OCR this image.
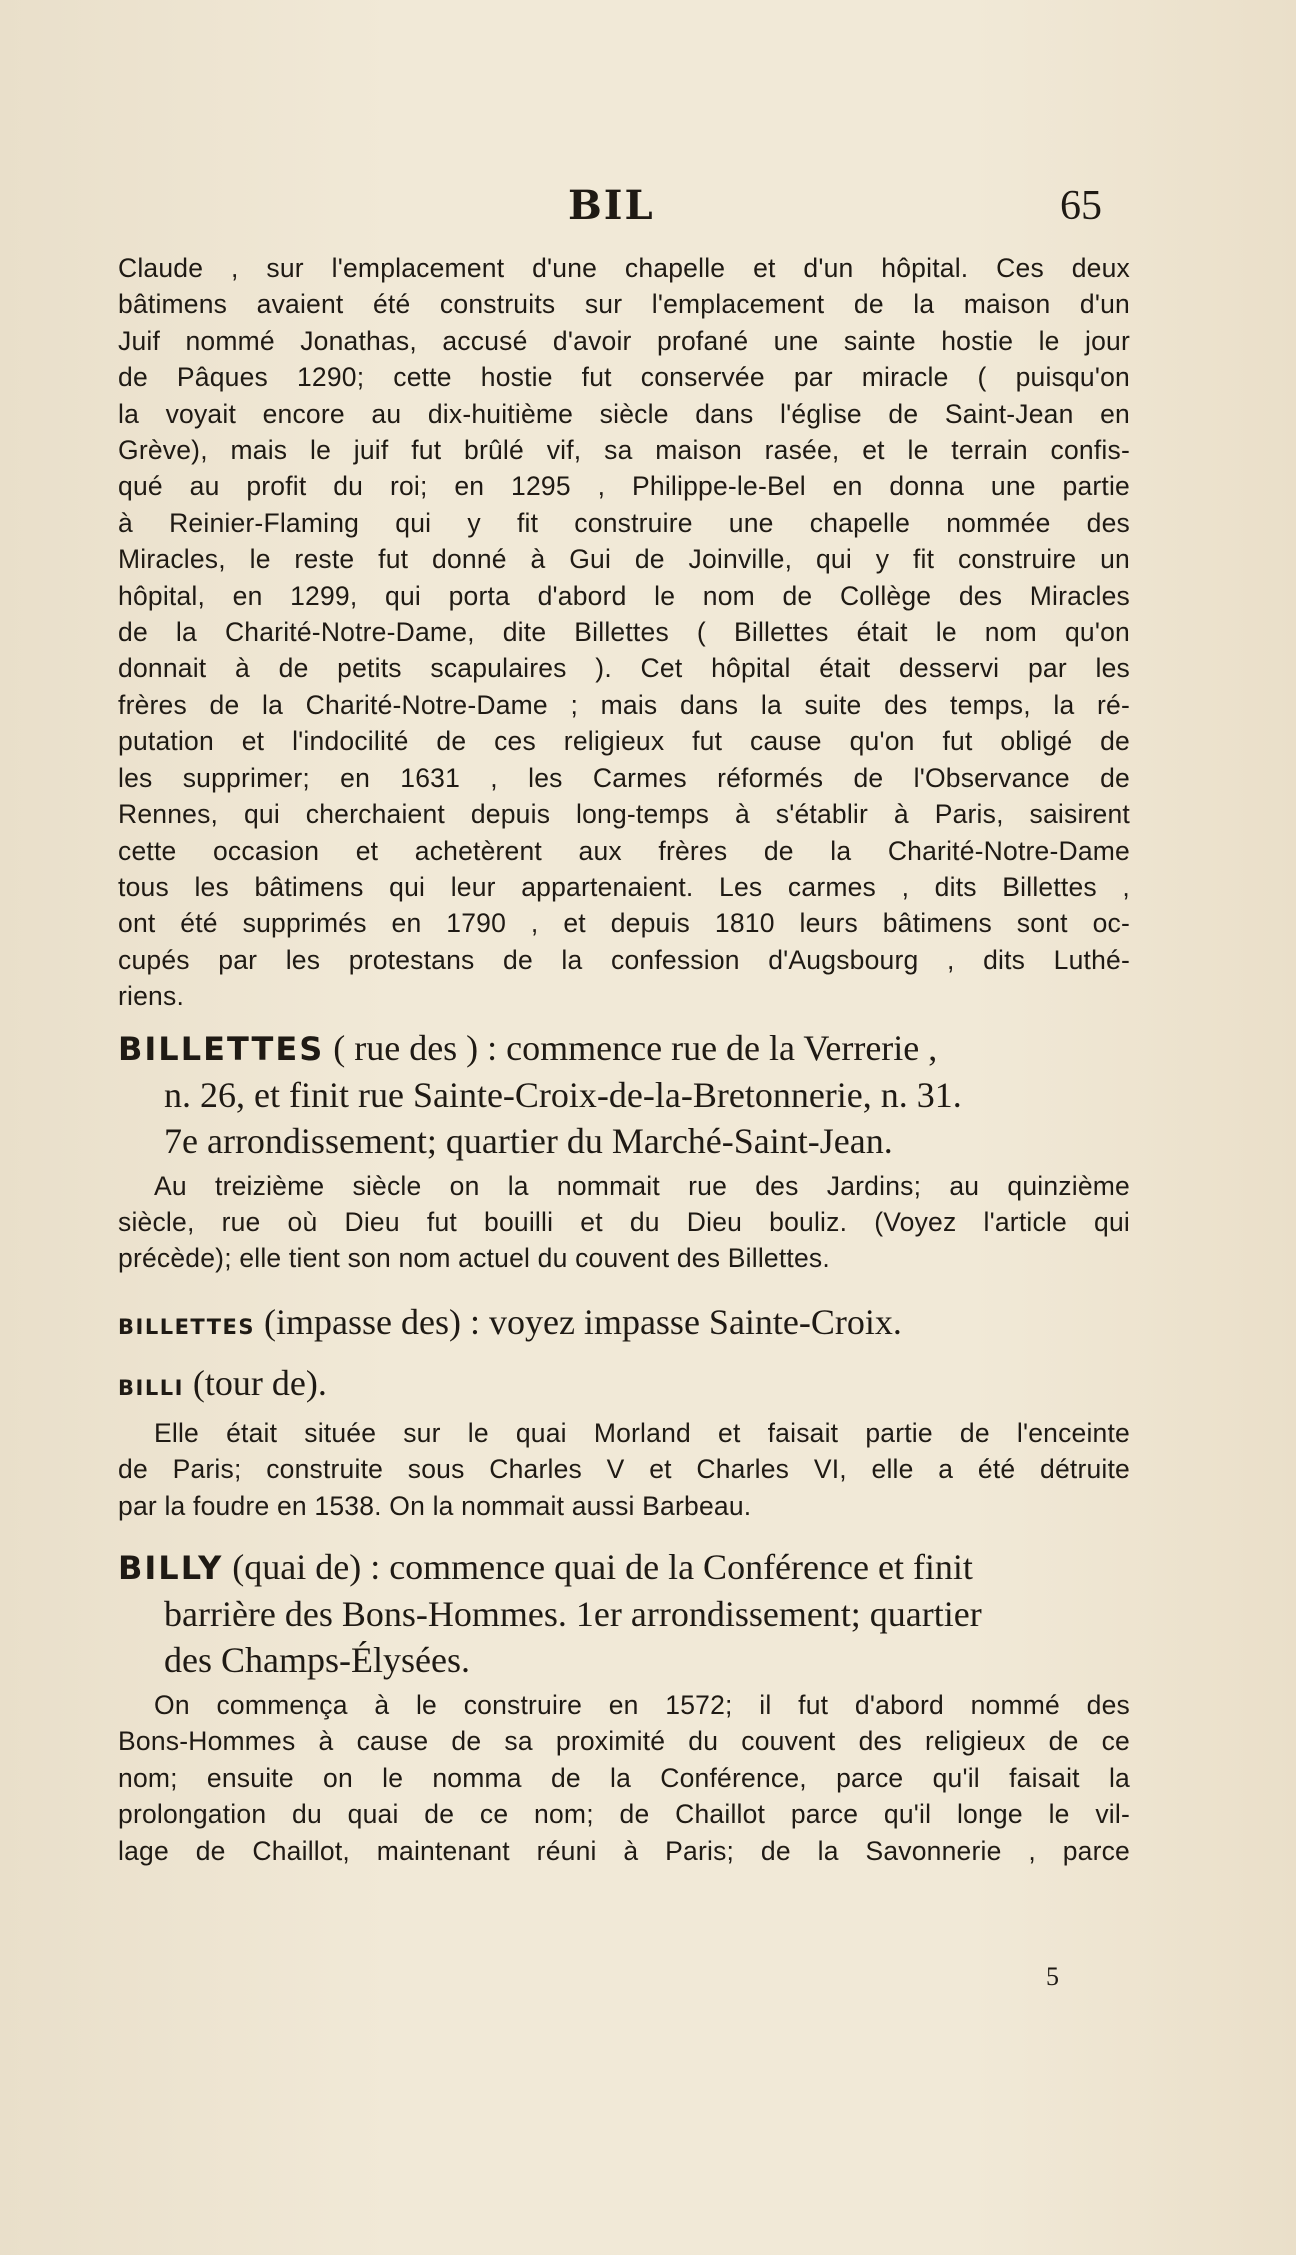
BIL	65

Claude , sur l'emplacement d'une chapelle et d'un hôpital. Ces deux
bâtimens avaient été construits sur l'emplacement de la maison d'un
Juif nommé Jonathas, accusé d'avoir profané une sainte hostie le jour
de Pâques 1290; cette hostie fut conservée par miracle ( puisqu'on
la voyait encore au dix-huitième siècle dans l'église de Saint-Jean en
Grève), mais le juif fut brûlé vif, sa maison rasée, et le terrain confis-
qué au profit du roi; en 1295 , Philippe-le-Bel en donna une partie
à Reinier-Flaming qui y fit construire une chapelle nommée des
Miracles, le reste fut donné à Gui de Joinville, qui y fit construire un
hôpital, en 1299, qui porta d'abord le nom de Collège des Miracles
de la Charité-Notre-Dame, dite Billettes ( Billettes était le nom qu'on
donnait à de petits scapulaires ). Cet hôpital était desservi par les
frères de la Charité-Notre-Dame ; mais dans la suite des temps, la ré-
putation et l'indocilité de ces religieux fut cause qu'on fut obligé de
les supprimer; en 1631 , les Carmes réformés de l'Observance de
Rennes, qui cherchaient depuis long-temps à s'établir à Paris, saisirent
cette occasion et achetèrent aux frères de la Charité-Notre-Dame
tous les bâtimens qui leur appartenaient. Les carmes , dits Billettes ,
ont été supprimés en 1790 , et depuis 1810 leurs bâtimens sont oc-
cupés par les protestans de la confession d'Augsbourg , dits Luthé-
riens.

BILLETTES ( rue des ) : commence rue de la Verrerie ,
n. 26, et finit rue Sainte-Croix-de-la-Bretonnerie, n. 31.
7e arrondissement; quartier du Marché-Saint-Jean.

Au treizième siècle on la nommait rue des Jardins; au quinzième
siècle, rue où Dieu fut bouilli et du Dieu bouliz. (Voyez l'article qui
précède); elle tient son nom actuel du couvent des Billettes.

BILLETTES (impasse des) : voyez impasse Sainte-Croix.
BILLI (tour de).

Elle était située sur le quai Morland et faisait partie de l'enceinte
de Paris; construite sous Charles V et Charles VI, elle a été détruite
par la foudre en 1538. On la nommait aussi Barbeau.

BILLY (quai de) : commence quai de la Conférence et finit
barrière des Bons-Hommes. 1er arrondissement; quartier
des Champs-Élysées.

On commença à le construire en 1572; il fut d'abord nommé des
Bons-Hommes à cause de sa proximité du couvent des religieux de ce
nom; ensuite on le nomma de la Conférence, parce qu'il faisait la
prolongation du quai de ce nom; de Chaillot parce qu'il longe le vil-
lage de Chaillot, maintenant réuni à Paris; de la Savonnerie , parce

5
